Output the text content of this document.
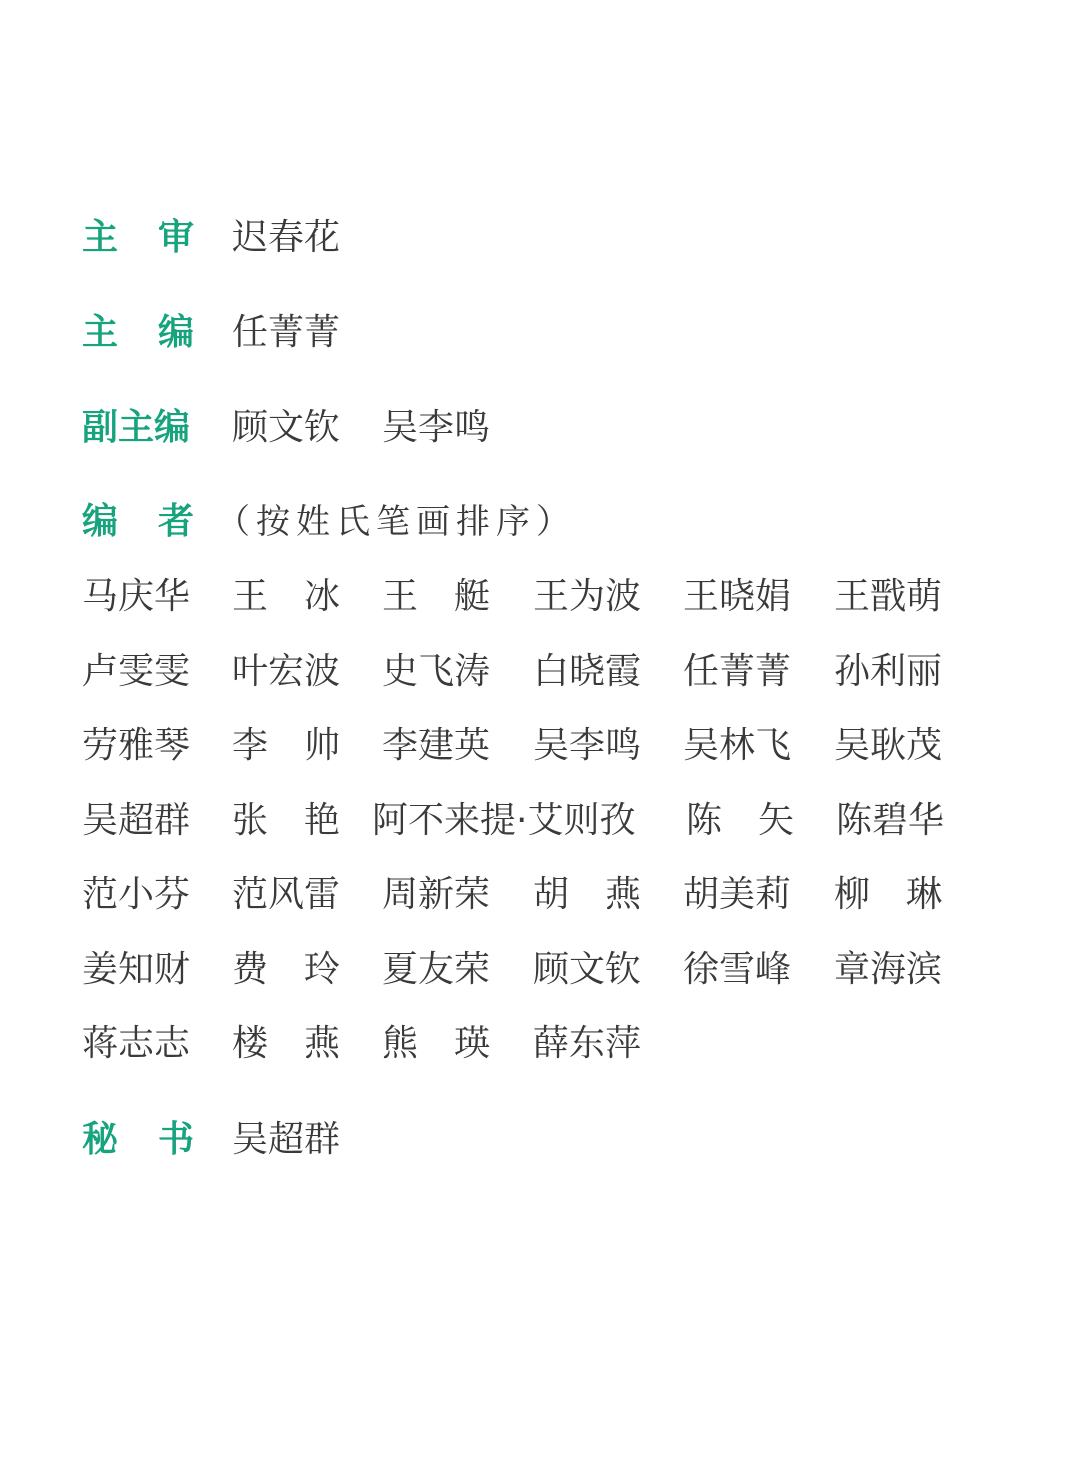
主 审 迟春花
主 编 任菁菁
副主编 顾文钦 吴李鸣
编 者 （按姓氏笔画排序）
马庆华 王　冰 王　艇 王为波 王晓娟 王戬萌
卢雯雯 叶宏波 史飞涛 白晓霞 任菁菁 孙利丽
劳雅琴 李　帅 李建英 吴李鸣 吴林飞 吴耿茂
吴超群 张　艳 阿不来提·艾则孜 陈　矢 陈碧华
范小芬 范风雷 周新荣 胡　燕 胡美莉 柳　琳
姜知财 费　玲 夏友荣 顾文钦 徐雪峰 章海滨
蒋志志 楼　燕 熊　瑛 薛东萍
秘 书 吴超群
